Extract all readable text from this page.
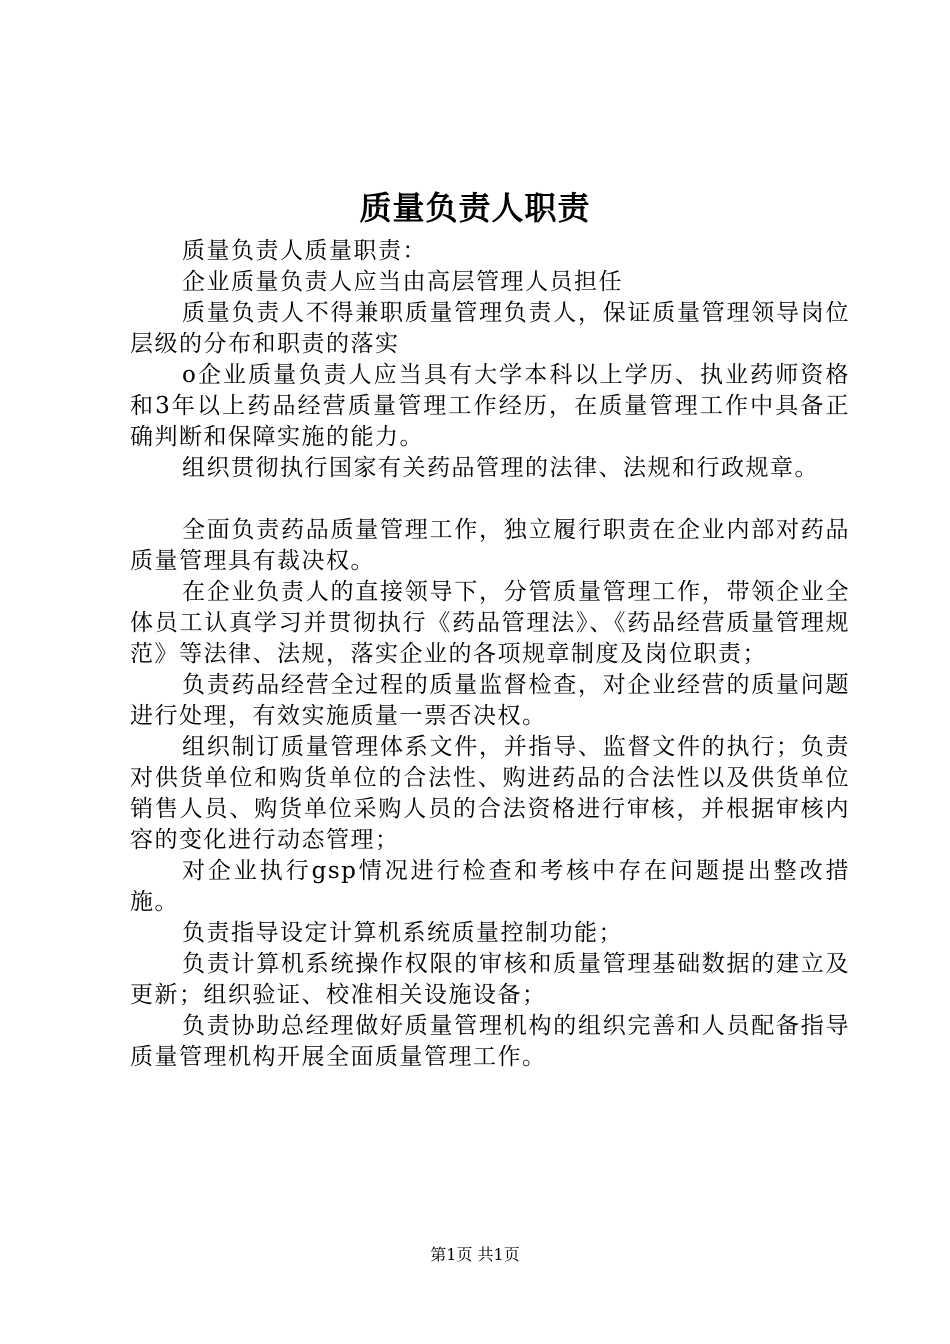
质量负责人职责

质量负责人质量职责：

企业质量负责人应当由高层管理人员担任

质量负责人不得兼职质量管理负责人，保证质量管理领导岗位层级的分布和职责的落实

o企业质量负责人应当具有大学本科以上学历、执业药师资格和3年以上药品经营质量管理工作经历，在质量管理工作中具备正确判断和保障实施的能力。

组织贯彻执行国家有关药品管理的法律、法规和行政规章。

全面负责药品质量管理工作，独立履行职责在企业内部对药品质量管理具有裁决权。

在企业负责人的直接领导下，分管质量管理工作，带领企业全体员工认真学习并贯彻执行《药品管理法》、《药品经营质量管理规范》等法律、法规，落实企业的各项规章制度及岗位职责；

负责药品经营全过程的质量监督检查，对企业经营的质量问题进行处理，有效实施质量一票否决权。

组织制订质量管理体系文件，并指导、监督文件的执行；负责对供货单位和购货单位的合法性、购进药品的合法性以及供货单位销售人员、购货单位采购人员的合法资格进行审核，并根据审核内容的变化进行动态管理；

对企业执行gsp情况进行检查和考核中存在问题提出整改措施。

负责指导设定计算机系统质量控制功能；

负责计算机系统操作权限的审核和质量管理基础数据的建立及更新；组织验证、校准相关设施设备；

负责协助总经理做好质量管理机构的组织完善和人员配备指导质量管理机构开展全面质量管理工作。

第1页 共1页
